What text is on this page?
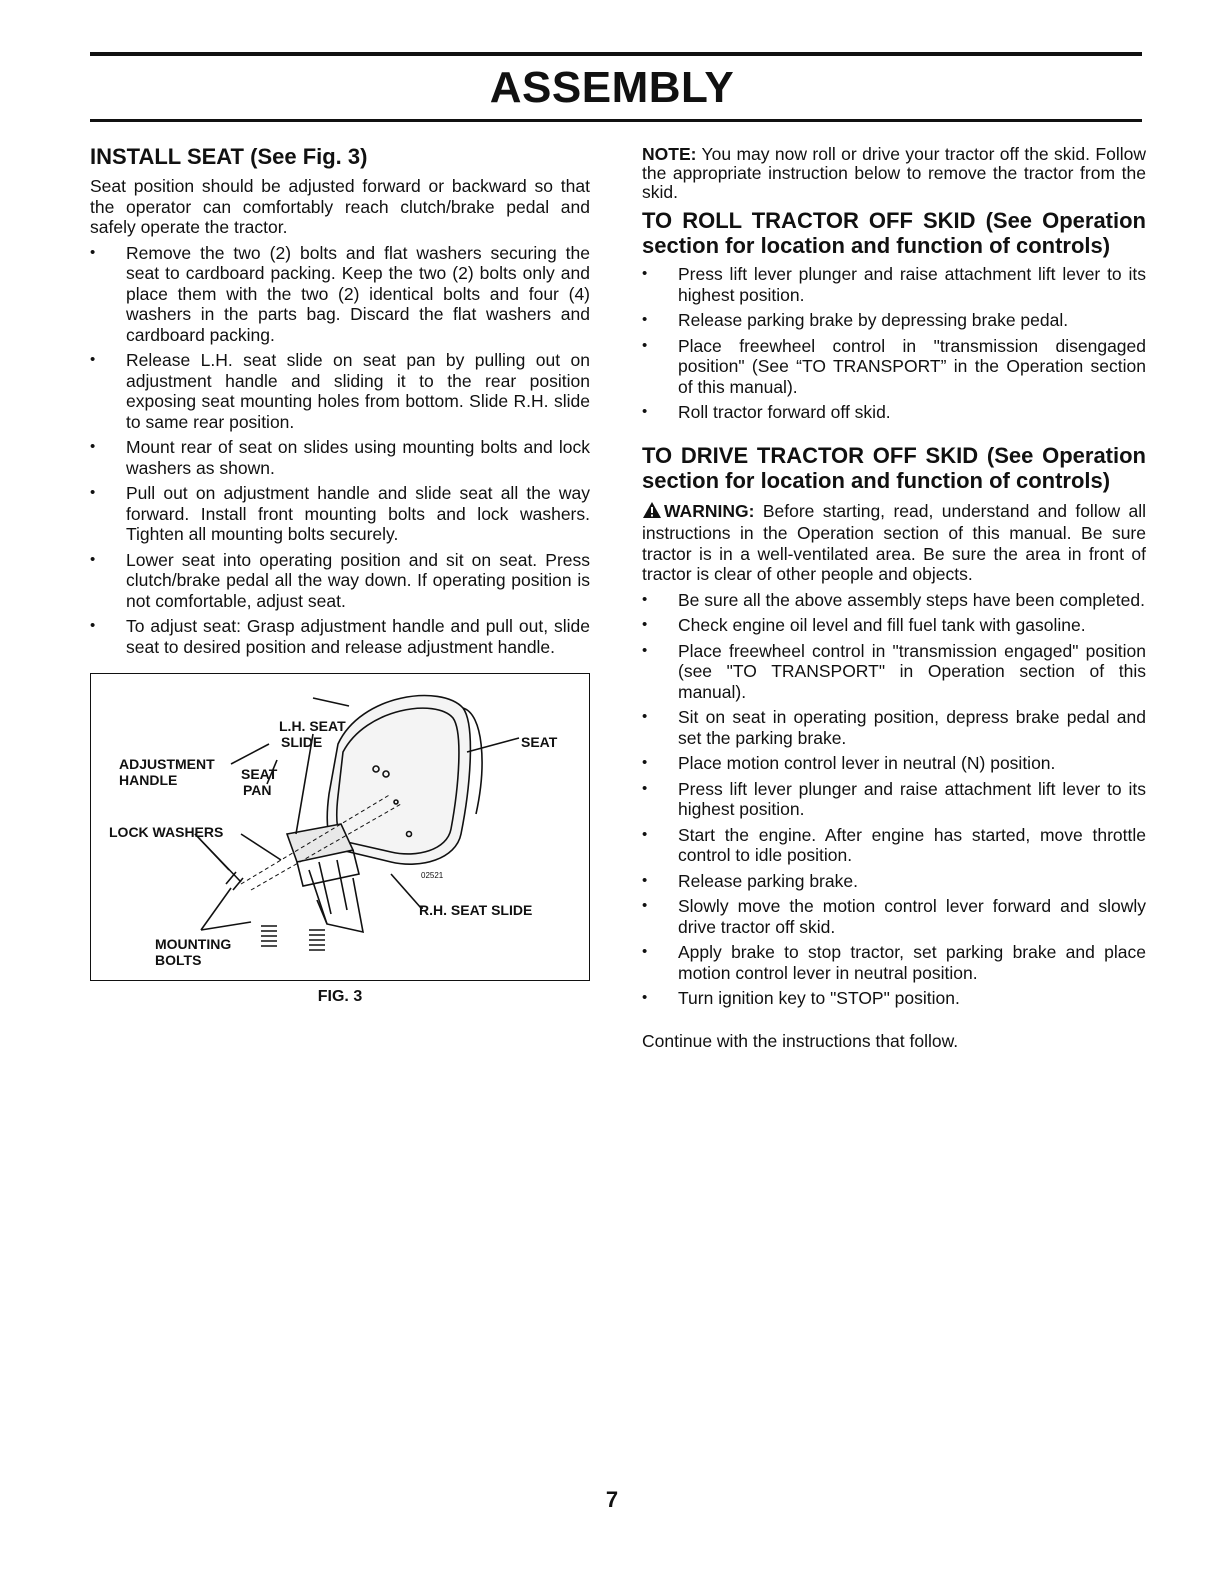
ASSEMBLY
INSTALL SEAT (See Fig. 3)

Seat position should be adjusted forward or backward so that the operator can comfortably reach clutch/brake pedal and safely operate the tractor.

• Remove the two (2) bolts and flat washers securing the seat to cardboard packing. Keep the two (2) bolts only and place them with the two (2) identical bolts and four (4) washers in the parts bag. Discard the flat washers and cardboard packing.
• Release L.H. seat slide on seat pan by pulling out on adjustment handle and sliding it to the rear position exposing seat mounting holes from bottom. Slide R.H. slide to same rear position.
• Mount rear of seat on slides using mounting bolts and lock washers as shown.
• Pull out on adjustment handle and slide seat all the way forward. Install front mounting bolts and lock washers. Tighten all mounting bolts securely.
• Lower seat into operating position and sit on seat. Press clutch/brake pedal all the way down. If operating position is not comfortable, adjust seat.
• To adjust seat: Grasp adjustment handle and pull out, slide seat to desired position and release adjustment handle.
L.H. SEAT
SLIDE	SEAT
ADJUSTMENT
HANDLE	SEAT
PAN
LOCK WASHERS
R.H. SEAT SLIDE
MOUNTING
BOLTS
02521
FIG. 3

NOTE: You may now roll or drive your tractor off the skid. Follow the appropriate instruction below to remove the tractor from the skid.

TO ROLL TRACTOR OFF SKID (See Operation section for location and function of controls)
• Press lift lever plunger and raise attachment lift lever to its highest position.
• Release parking brake by depressing brake pedal.
• Place freewheel control in "transmission disengaged position" (See “TO TRANSPORT” in the Operation section of this manual).
• Roll tractor forward off skid.
TO DRIVE TRACTOR OFF SKID (See Operation section for location and function of controls)

WARNING: Before starting, read, understand and follow all instructions in the Operation section of this manual. Be sure tractor is in a well-ventilated area. Be sure the area in front of tractor is clear of other people and objects.

• Be sure all the above assembly steps have been completed.
• Check engine oil level and fill fuel tank with gasoline.
• Place freewheel control in "transmission engaged" position (see "TO TRANSPORT" in Operation section of this manual).
• Sit on seat in operating position, depress brake pedal and set the parking brake.
• Place motion control lever in neutral (N) position.
• Press lift lever plunger and raise attachment lift lever to its highest position.
• Start the engine. After engine has started, move throttle control to idle position.
• Release parking brake.
• Slowly move the motion control lever forward and slowly drive tractor off skid.
• Apply brake to stop tractor, set parking brake and place motion control lever in neutral position.
• Turn ignition key to "STOP" position.

Continue with the instructions that follow.

7
